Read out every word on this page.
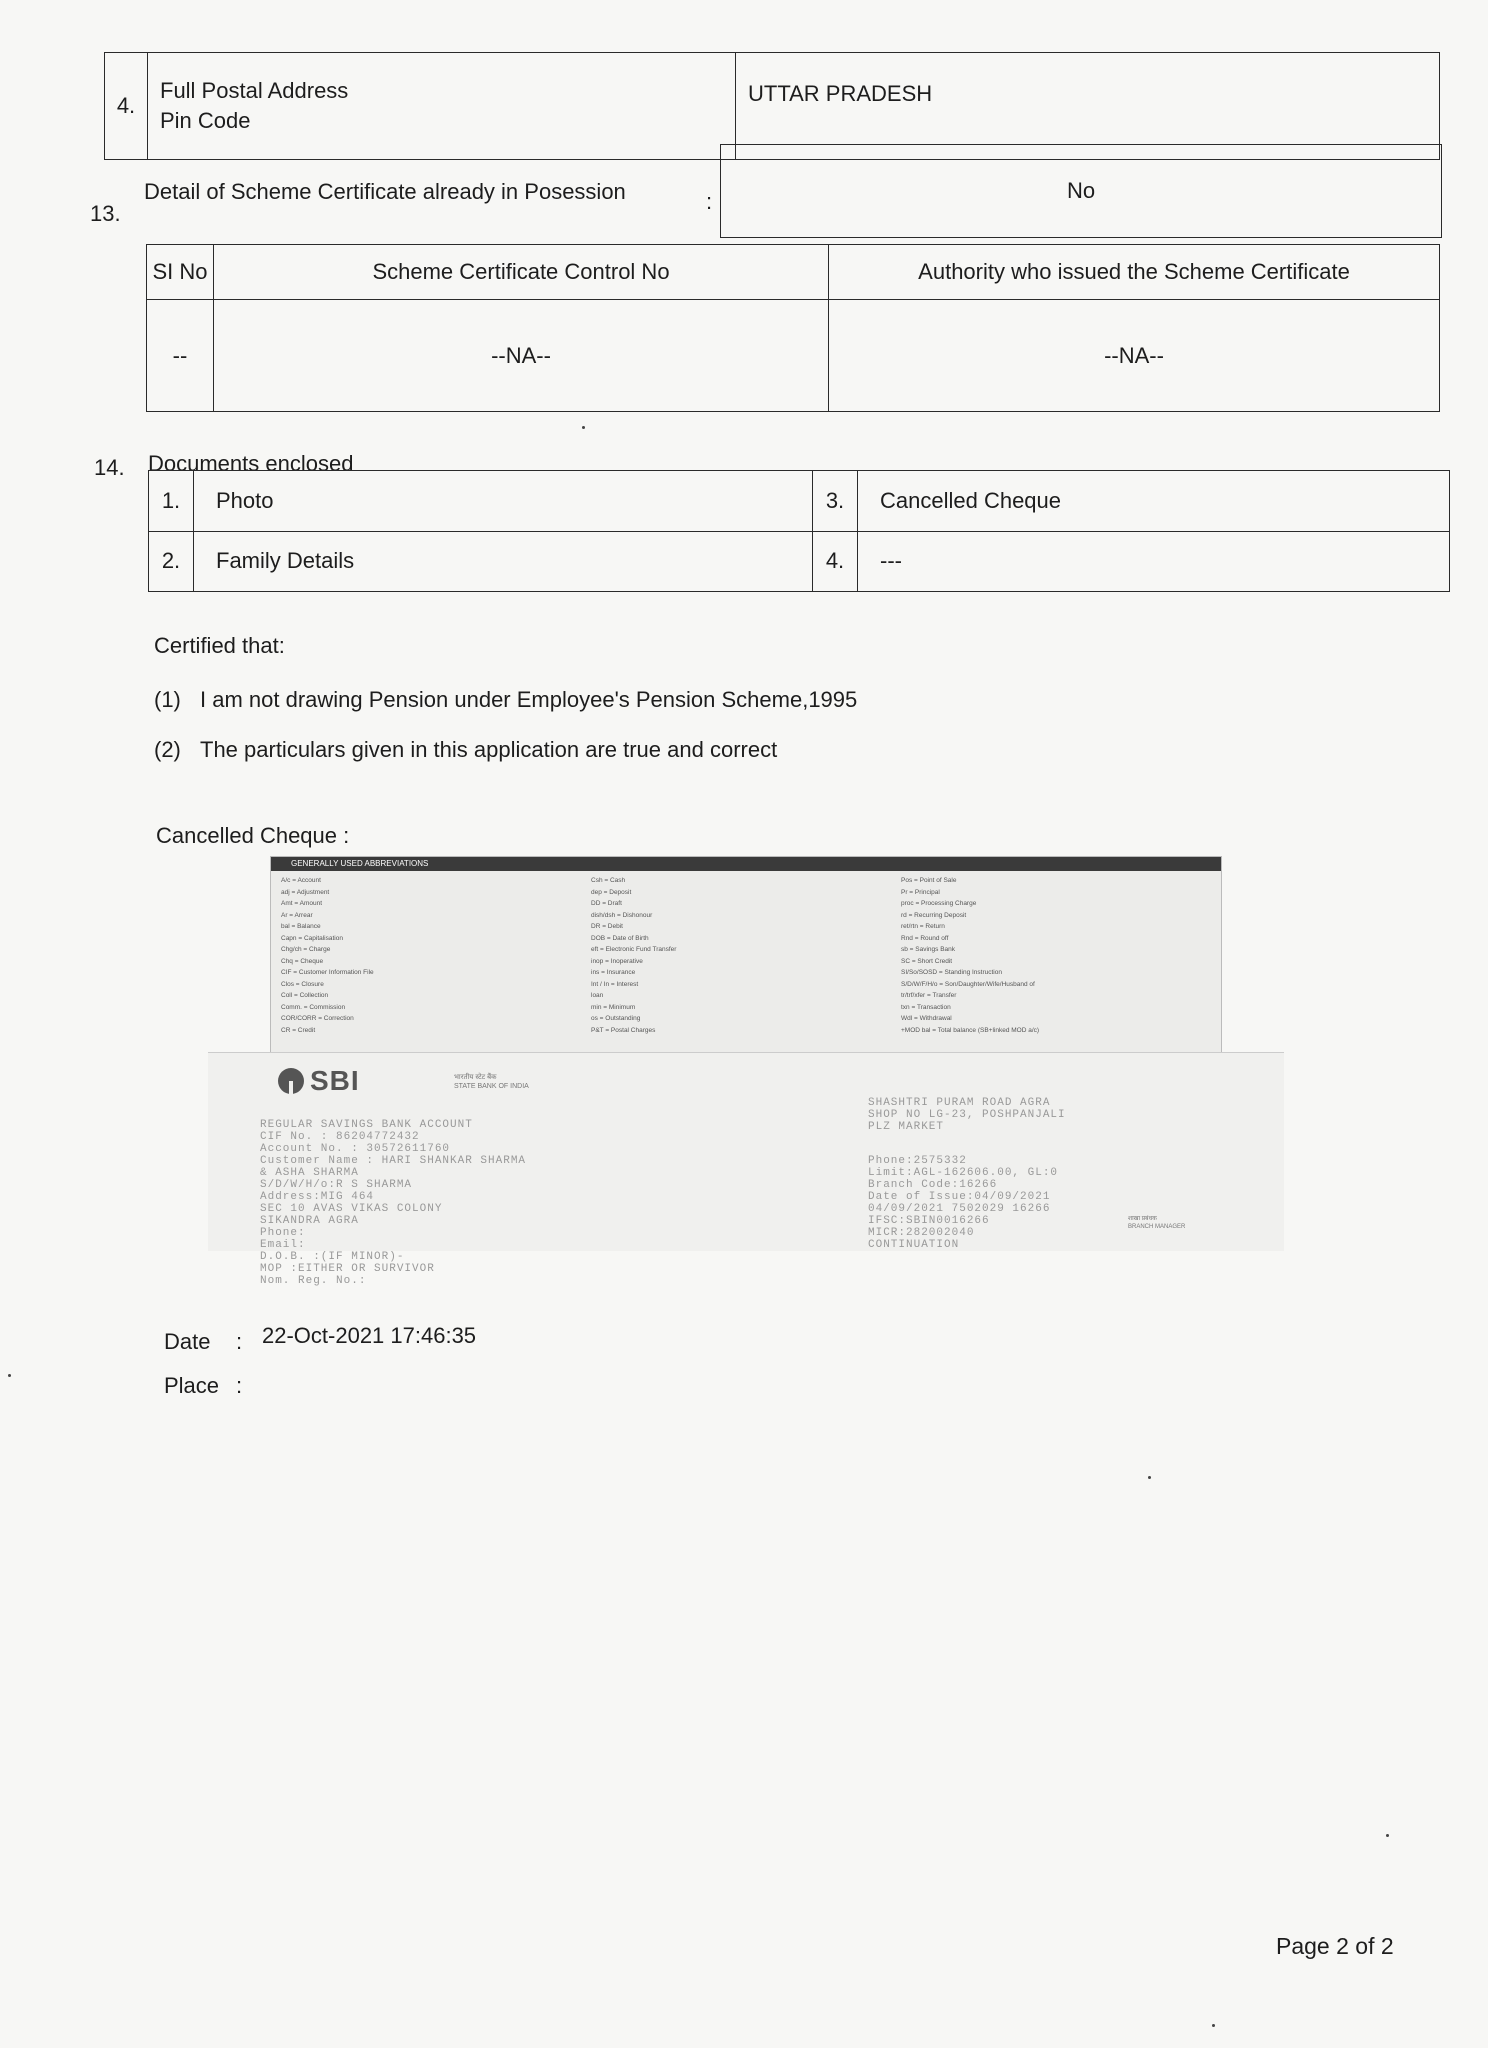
4.	
Full Postal Address
Pin Code
	UTTAR PRADESH
13.
Detail of Scheme Certificate already in Posession	:	No
SI No	Scheme Certificate Control No	Authority who issued the Scheme Certificate
--	--NA--	--NA--
14. Documents enclosed
1.	Photo	3.	Cancelled Cheque
2.	Family Details	4.	---
Certified that:
(1) I am not drawing Pension under Employee's Pension Scheme,1995
(2) The particulars given in this application are true and correct
Cancelled Cheque :
GENERALLY USED ABBREVIATIONS
A/c = Account
adj = Adjustment
Amt = Amount
Ar = Arrear
bal = Balance
Capn = Capitalisation
Chg/ch = Charge
Chq = Cheque
CIF = Customer Information File
Clos = Closure
Coll = Collection
Comm. = Commission
COR/CORR = Correction
CR = Credit
Csh = Cash
dep = Deposit
DD = Draft
dish/dsh = Dishonour
DR = Debit
DOB = Date of Birth
eft = Electronic Fund Transfer
inop = Inoperative
ins = Insurance
Int / In = Interest
loan
min = Minimum
os = Outstanding
P&T = Postal Charges
Pos = Point of Sale
Pr = Principal
proc = Processing Charge
rd = Recurring Deposit
ret/rtn = Return
Rnd = Round off
sb = Savings Bank
SC = Short Credit
SI/So/SOSD = Standing Instruction
S/D/W/F/H/o = Son/Daughter/Wife/Husband of
tr/trf/xfer = Transfer
txn = Transaction
Wdl = Withdrawal
+MOD bal = Total balance (SB+linked MOD a/c)
SBI	भारतीय स्टेट बैंक
STATE BANK OF INDIA
REGULAR SAVINGS BANK ACCOUNT
CIF No. : 86204772432
Account No. : 30572611760
Customer Name : HARI SHANKAR SHARMA
& ASHA SHARMA
S/D/W/H/o:R S SHARMA
Address:MIG 464
SEC 10 AVAS VIKAS COLONY
SIKANDRA AGRA
Phone:
Email:
D.O.B. :(IF MINOR)-
MOP :EITHER OR SURVIVOR
Nom. Reg. No.:
SHASHTRI PURAM ROAD AGRA
SHOP NO LG-23, POSHPANJALI
PLZ MARKET
Phone:2575332
Limit:AGL-162606.00, GL:0
Branch Code:16266
Date of Issue:04/09/2021
04/09/2021 7502029 16266
IFSC:SBIN0016266
MICR:282002040
CONTINUATION
शाखा प्रबंधक
BRANCH MANAGER
Date : 22-Oct-2021 17:46:35
Place :
Page 2 of 2
